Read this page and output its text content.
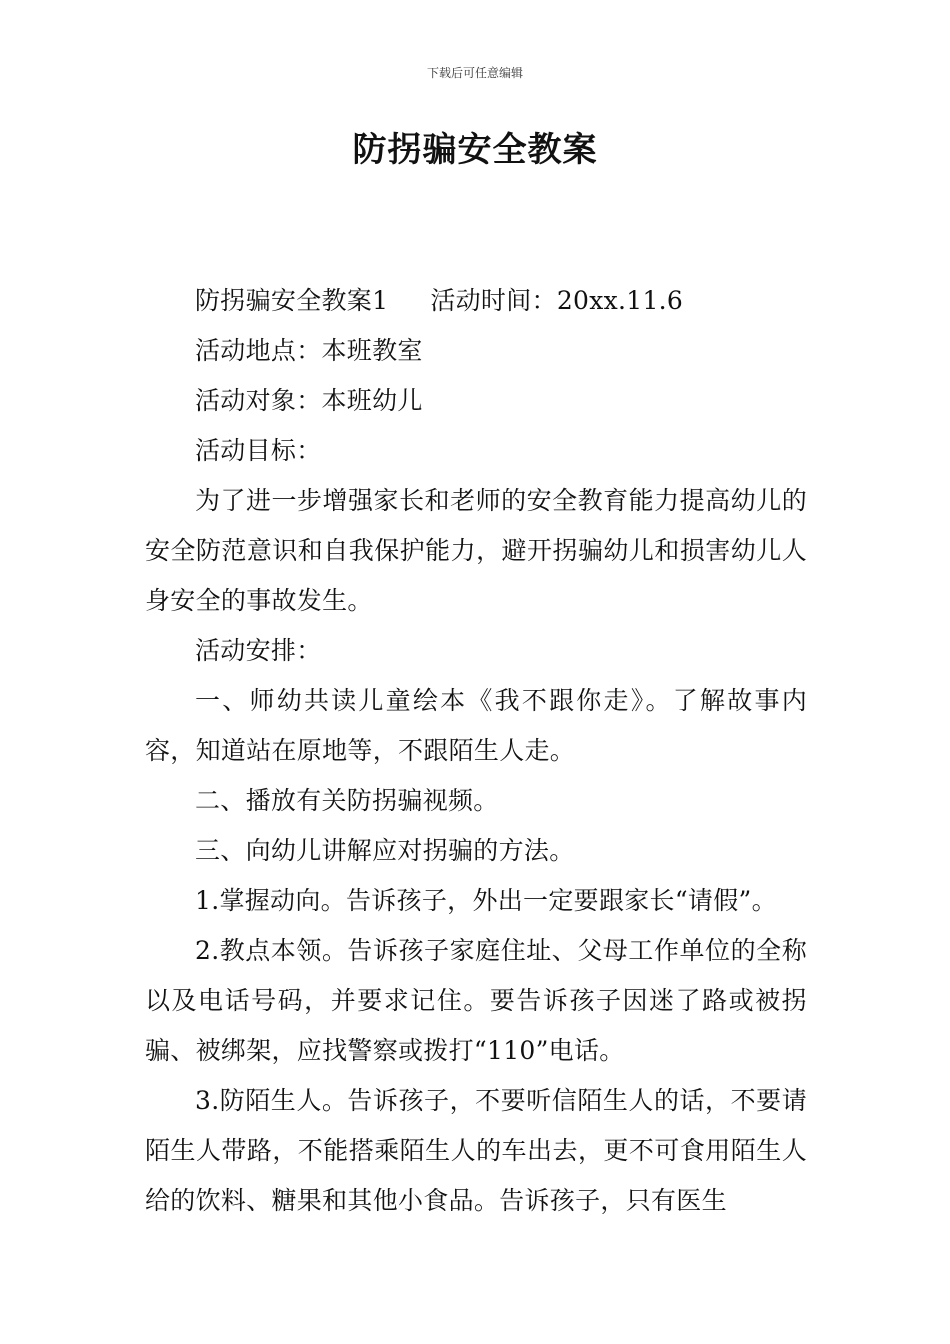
下载后可任意编辑
防拐骗安全教案

防拐骗安全教案1 活动时间：20xx.11.6

活动地点：本班教室

活动对象：本班幼儿

活动目标：

为了进一步增强家长和老师的安全教育能力提高幼儿的安全防范意识和自我保护能力，避开拐骗幼儿和损害幼儿人身安全的事故发生。

活动安排：

一、师幼共读儿童绘本《我不跟你走》。了解故事内容，知道站在原地等，不跟陌生人走。

二、播放有关防拐骗视频。

三、向幼儿讲解应对拐骗的方法。

1.掌握动向。告诉孩子，外出一定要跟家长“请假”。

2.教点本领。告诉孩子家庭住址、父母工作单位的全称以及电话号码，并要求记住。要告诉孩子因迷了路或被拐骗、被绑架，应找警察或拨打“110”电话。

3.防陌生人。告诉孩子，不要听信陌生人的话，不要请陌生人带路，不能搭乘陌生人的车出去，更不可食用陌生人给的饮料、糖果和其他小食品。告诉孩子，只有医生
